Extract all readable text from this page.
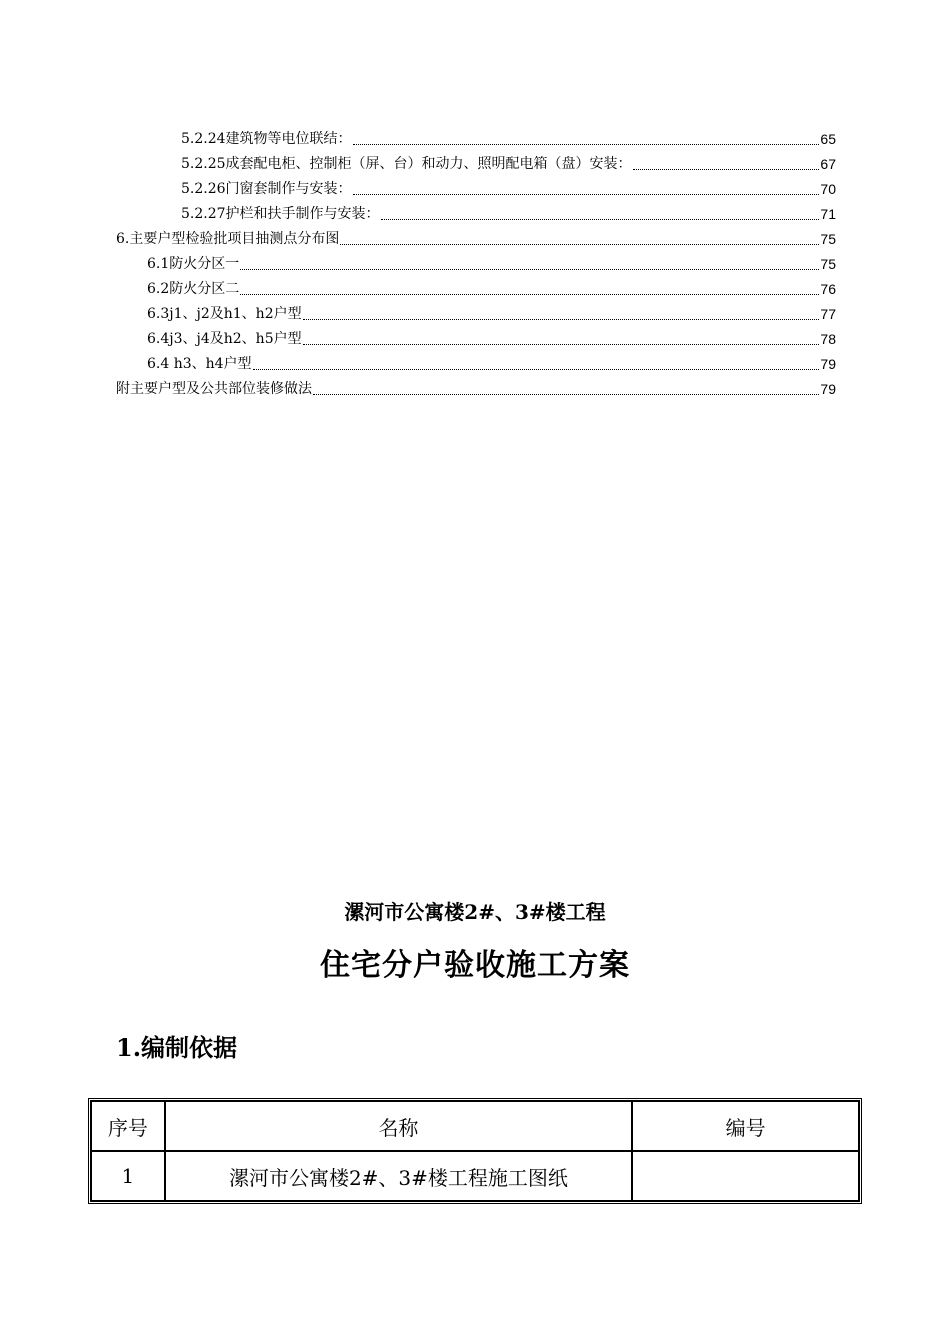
5.2.24建筑物等电位联结：	65
5.2.25成套配电柜、控制柜（屏、台）和动力、照明配电箱（盘）安装：	67
5.2.26门窗套制作与安装：	70
5.2.27护栏和扶手制作与安装：	71
6.主要户型检验批项目抽测点分布图	75
6.1防火分区一	75
6.2防火分区二	76
6.3j1、j2及h1、h2户型	77
6.4j3、j4及h2、h5户型	78
6.4 h3、h4户型	79
附主要户型及公共部位装修做法	79
漯河市公寓楼2#、3#楼工程
住宅分户验收施工方案
1.编制依据
序号	名称	编号
1	漯河市公寓楼2#、3#楼工程施工图纸	
